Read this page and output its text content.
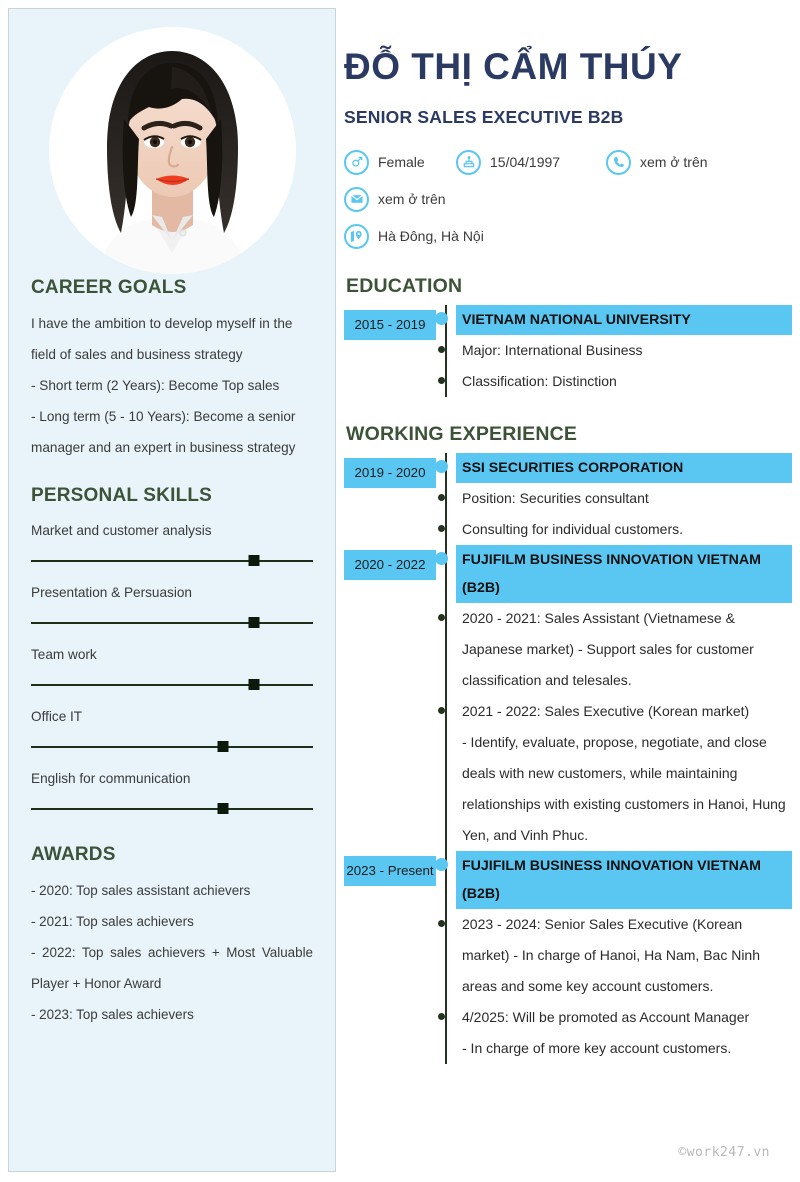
CAREER GOALS

I have the ambition to develop myself in the field of sales and business strategy

- Short term (2 Years): Become Top sales

- Long term (5 - 10 Years): Become a senior manager and an expert in business strategy

PERSONAL SKILLS
Market and customer analysis
Presentation & Persuasion
Team work
Office IT
English for communication
AWARDS

- 2020: Top sales assistant achievers

- 2021: Top sales achievers

- 2022: Top sales achievers + Most Valuable Player + Honor Award

- 2023: Top sales achievers

ĐỖ THỊ CẨM THÚY
SENIOR SALES EXECUTIVE B2B
Female	15/04/1997	xem ở trên
xem ở trên
Hà Đông, Hà Nội
EDUCATION
2015 - 2019	VIETNAM NATIONAL UNIVERSITY
Major: International Business
Classification: Distinction
WORKING EXPERIENCE
2019 - 2020	SSI SECURITIES CORPORATION
Position: Securities consultant
Consulting for individual customers.
2020 - 2022	FUJIFILM BUSINESS INNOVATION VIETNAM (B2B)
2020 - 2021: Sales Assistant (Vietnamese & Japanese market) - Support sales for customer classification and telesales.
2021 - 2022: Sales Executive (Korean market)
- Identify, evaluate, propose, negotiate, and close deals with new customers, while maintaining relationships with existing customers in Hanoi, Hung Yen, and Vinh Phuc.
2023 - Present	FUJIFILM BUSINESS INNOVATION VIETNAM (B2B)
2023 - 2024: Senior Sales Executive (Korean market) - In charge of Hanoi, Ha Nam, Bac Ninh areas and some key account customers.
4/2025: Will be promoted as Account Manager
- In charge of more key account customers.
©work247.vn
